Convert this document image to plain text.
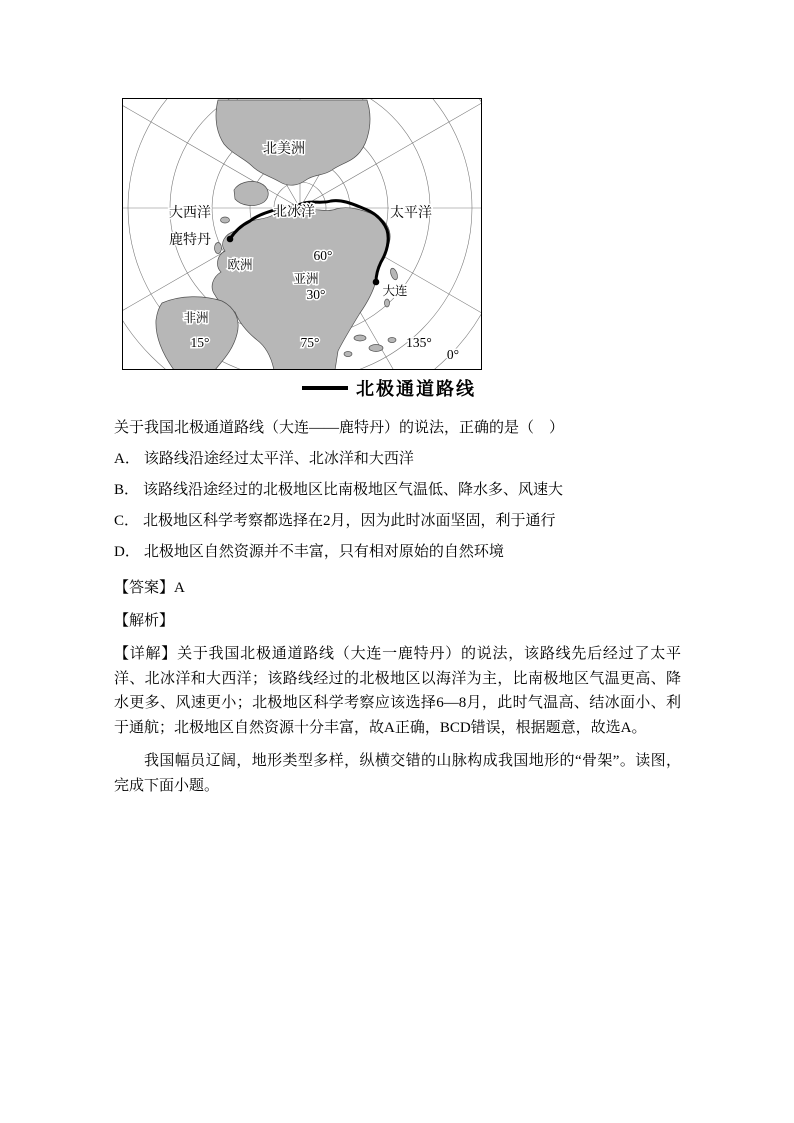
北美洲
大西洋	北冰洋	太平洋
鹿特丹
欧洲
亚洲
大连
非洲
60°
30°
15°	75°	135°
0°
北极通道路线

关于我国北极通道路线（大连——鹿特丹）的说法，正确的是（　）

A． 该路线沿途经过太平洋、北冰洋和大西洋

B． 该路线沿途经过的北极地区比南极地区气温低、降水多、风速大

C． 北极地区科学考察都选择在2月，因为此时冰面坚固，利于通行

D． 北极地区自然资源并不丰富，只有相对原始的自然环境

【答案】A

【解析】

【详解】关于我国北极通道路线（大连一鹿特丹）的说法，该路线先后经过了太平洋、北冰洋和大西洋；该路线经过的北极地区以海洋为主，比南极地区气温更高、降水更多、风速更小；北极地区科学考察应该选择6—8月，此时气温高、结冰面小、利于通航；北极地区自然资源十分丰富，故A正确，BCD错误，根据题意，故选A。

我国幅员辽阔，地形类型多样，纵横交错的山脉构成我国地形的“骨架”。读图，完成下面小题。
